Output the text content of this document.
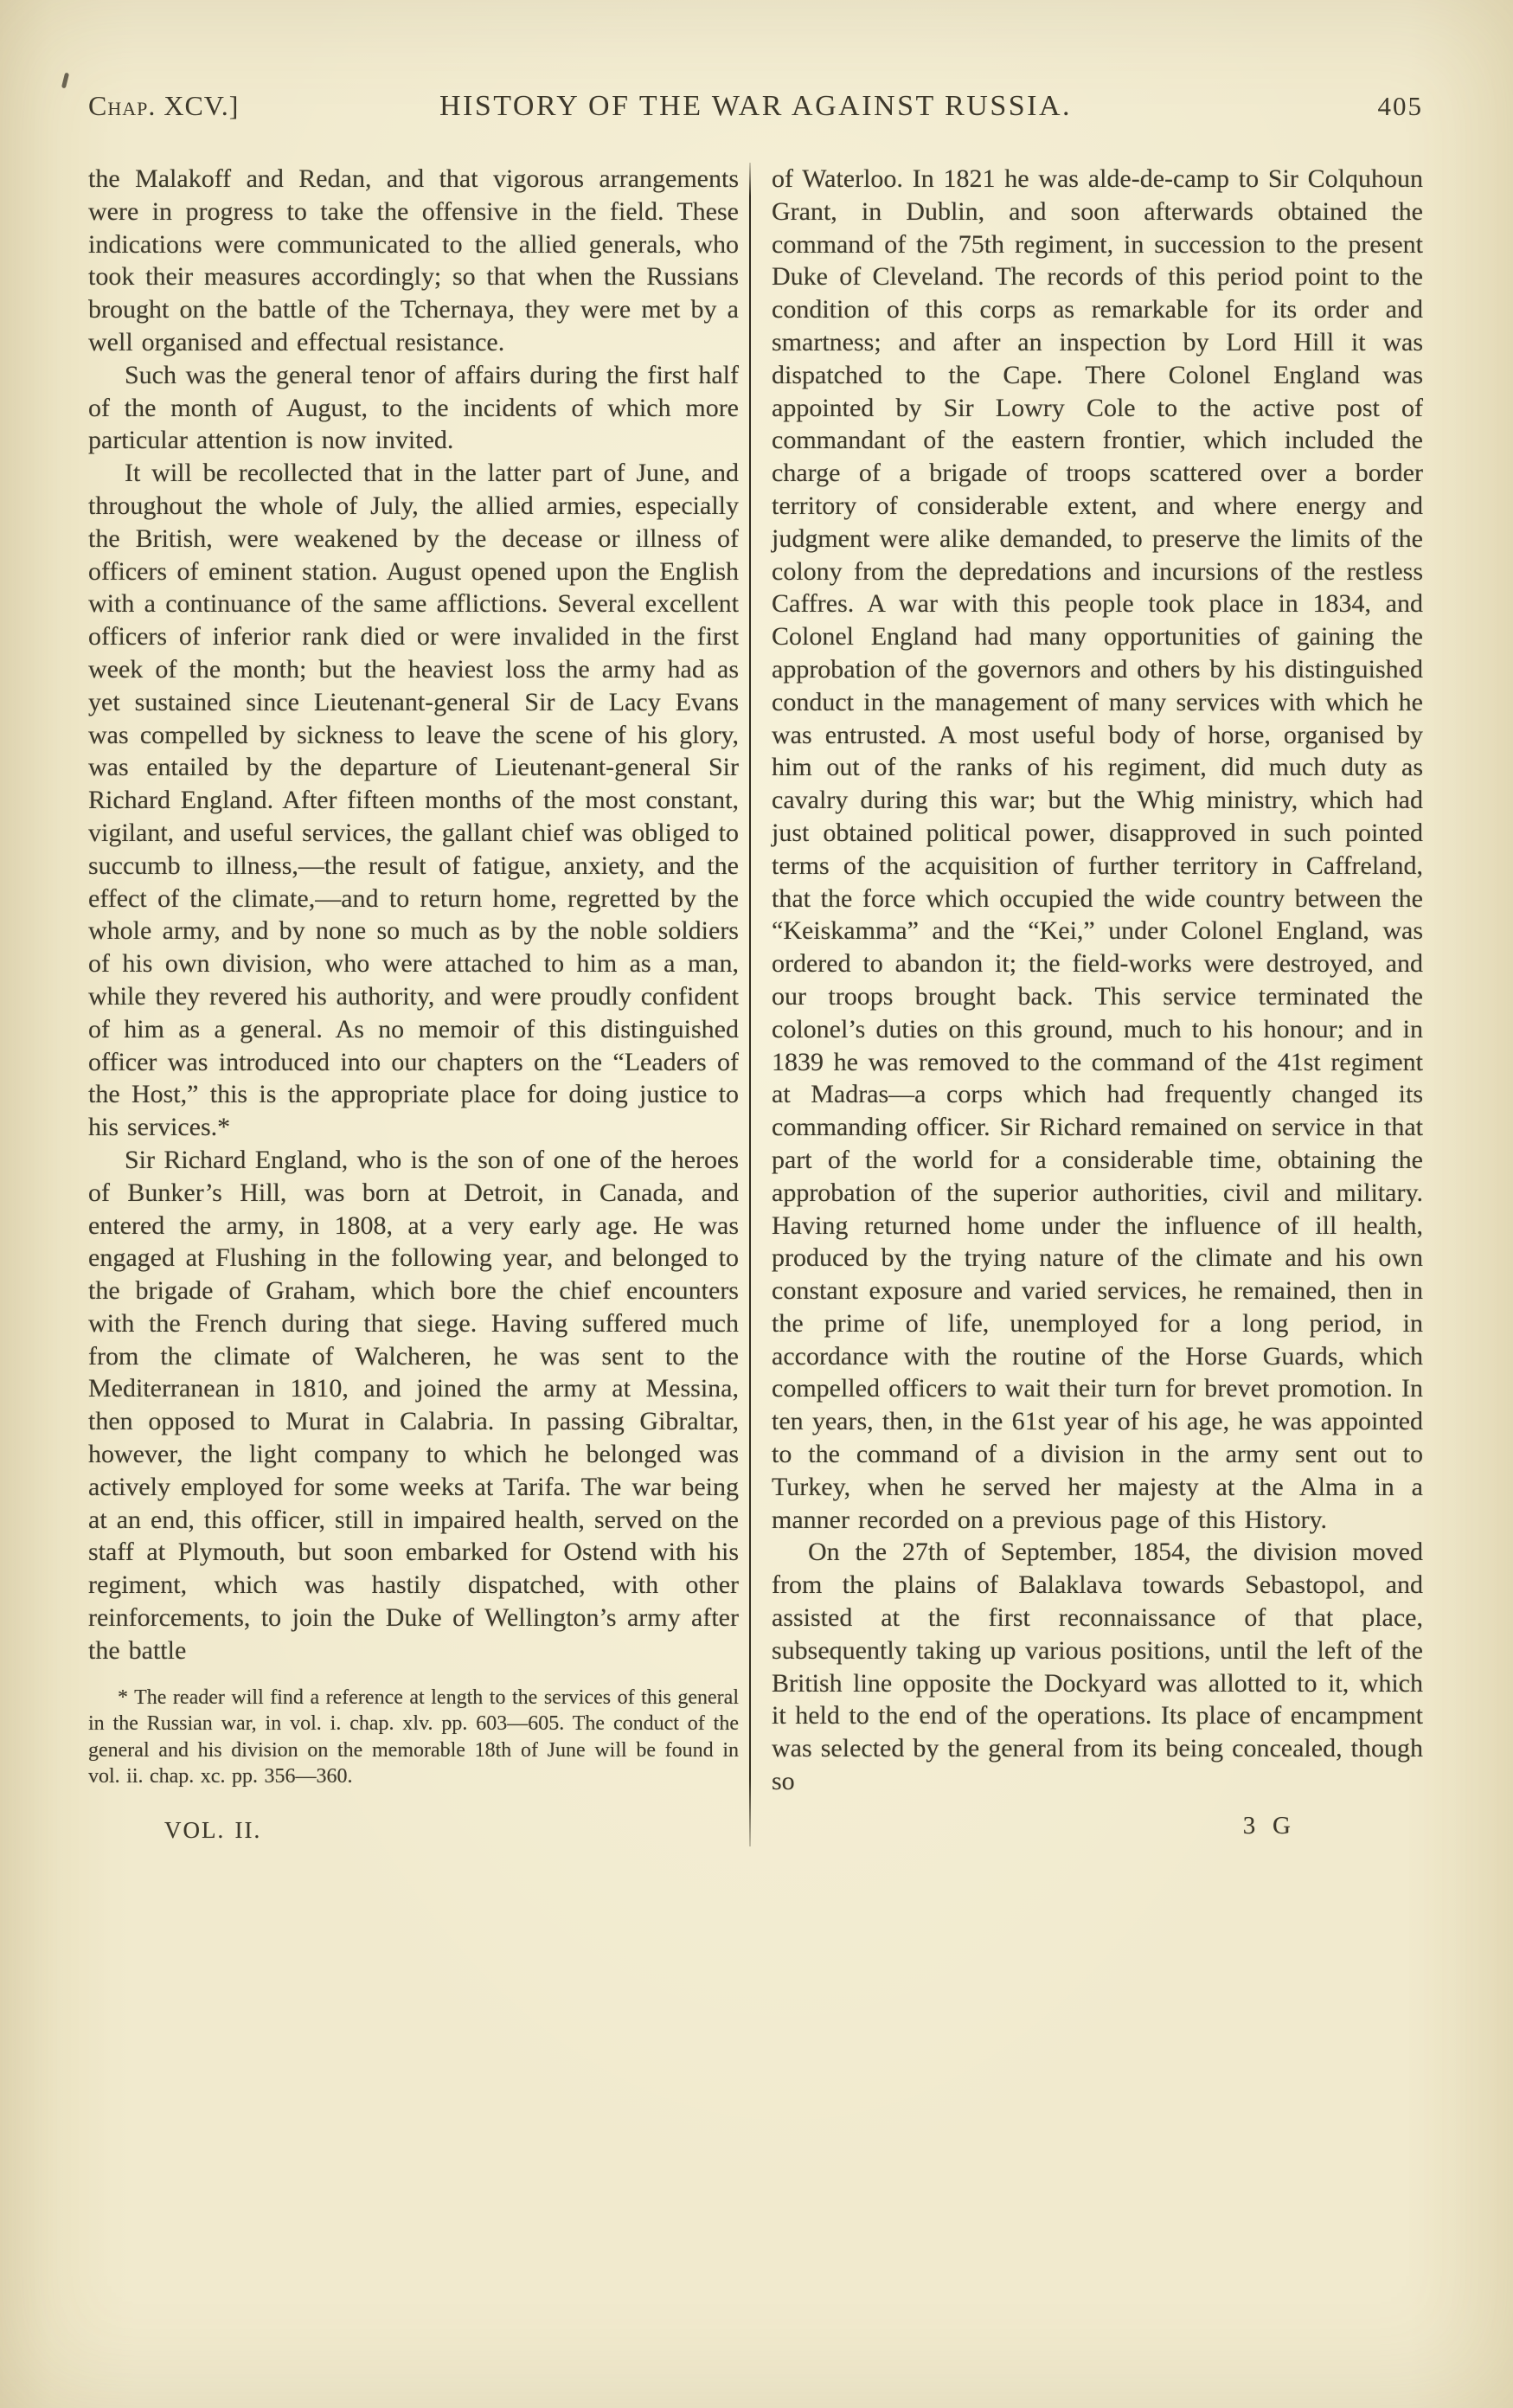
Chap. XCV.]	HISTORY OF THE WAR AGAINST RUSSIA.	405

the Malakoff and Redan, and that vigorous arrangements were in progress to take the offensive in the field. These indications were communicated to the allied generals, who took their measures accordingly; so that when the Russians brought on the battle of the Tchernaya, they were met by a well organised and effectual resistance.

Such was the general tenor of affairs during the first half of the month of August, to the incidents of which more particular attention is now invited.

It will be recollected that in the latter part of June, and throughout the whole of July, the allied armies, especially the British, were weakened by the decease or illness of officers of eminent station. August opened upon the English with a continuance of the same afflictions. Several excellent officers of inferior rank died or were invalided in the first week of the month; but the heaviest loss the army had as yet sustained since Lieutenant-general Sir de Lacy Evans was compelled by sickness to leave the scene of his glory, was entailed by the departure of Lieutenant-general Sir Richard England. After fifteen months of the most constant, vigilant, and useful services, the gallant chief was obliged to succumb to illness,—the result of fatigue, anxiety, and the effect of the climate,—and to return home, regretted by the whole army, and by none so much as by the noble soldiers of his own division, who were attached to him as a man, while they revered his authority, and were proudly confident of him as a general. As no memoir of this distinguished officer was introduced into our chapters on the “Leaders of the Host,” this is the appropriate place for doing justice to his services.*

Sir Richard England, who is the son of one of the heroes of Bunker’s Hill, was born at Detroit, in Canada, and entered the army, in 1808, at a very early age. He was engaged at Flushing in the following year, and belonged to the brigade of Graham, which bore the chief encounters with the French during that siege. Having suffered much from the climate of Walcheren, he was sent to the Mediterranean in 1810, and joined the army at Messina, then opposed to Murat in Calabria. In passing Gibraltar, however, the light company to which he belonged was actively employed for some weeks at Tarifa. The war being at an end, this officer, still in impaired health, served on the staff at Plymouth, but soon embarked for Ostend with his regiment, which was hastily dispatched, with other reinforcements, to join the Duke of Wellington’s army after the battle

* The reader will find a reference at length to the services of this general in the Russian war, in vol. i. chap. xlv. pp. 603—605. The conduct of the general and his division on the memorable 18th of June will be found in vol. ii. chap. xc. pp. 356—360.
VOL. II.

of Waterloo. In 1821 he was alde-de-camp to Sir Colquhoun Grant, in Dublin, and soon afterwards obtained the command of the 75th regiment, in succession to the present Duke of Cleveland. The records of this period point to the condition of this corps as remarkable for its order and smartness; and after an inspection by Lord Hill it was dispatched to the Cape. There Colonel England was appointed by Sir Lowry Cole to the active post of commandant of the eastern frontier, which included the charge of a brigade of troops scattered over a border territory of considerable extent, and where energy and judgment were alike demanded, to preserve the limits of the colony from the depredations and incursions of the restless Caffres. A war with this people took place in 1834, and Colonel England had many opportunities of gaining the approbation of the governors and others by his distinguished conduct in the management of many services with which he was entrusted. A most useful body of horse, organised by him out of the ranks of his regiment, did much duty as cavalry during this war; but the Whig ministry, which had just obtained political power, disapproved in such pointed terms of the acquisition of further territory in Caffreland, that the force which occupied the wide country between the “Keiskamma” and the “Kei,” under Colonel England, was ordered to abandon it; the field-works were destroyed, and our troops brought back. This service terminated the colonel’s duties on this ground, much to his honour; and in 1839 he was removed to the command of the 41st regiment at Madras—a corps which had frequently changed its commanding officer. Sir Richard remained on service in that part of the world for a considerable time, obtaining the approbation of the superior authorities, civil and military. Having returned home under the influence of ill health, produced by the trying nature of the climate and his own constant exposure and varied services, he remained, then in the prime of life, unemployed for a long period, in accordance with the routine of the Horse Guards, which compelled officers to wait their turn for brevet promotion. In ten years, then, in the 61st year of his age, he was appointed to the command of a division in the army sent out to Turkey, when he served her majesty at the Alma in a manner recorded on a previous page of this History.

On the 27th of September, 1854, the division moved from the plains of Balaklava towards Sebastopol, and assisted at the first reconnaissance of that place, subsequently taking up various positions, until the left of the British line opposite the Dockyard was allotted to it, which it held to the end of the operations. Its place of encampment was selected by the general from its being concealed, though so

3 G
